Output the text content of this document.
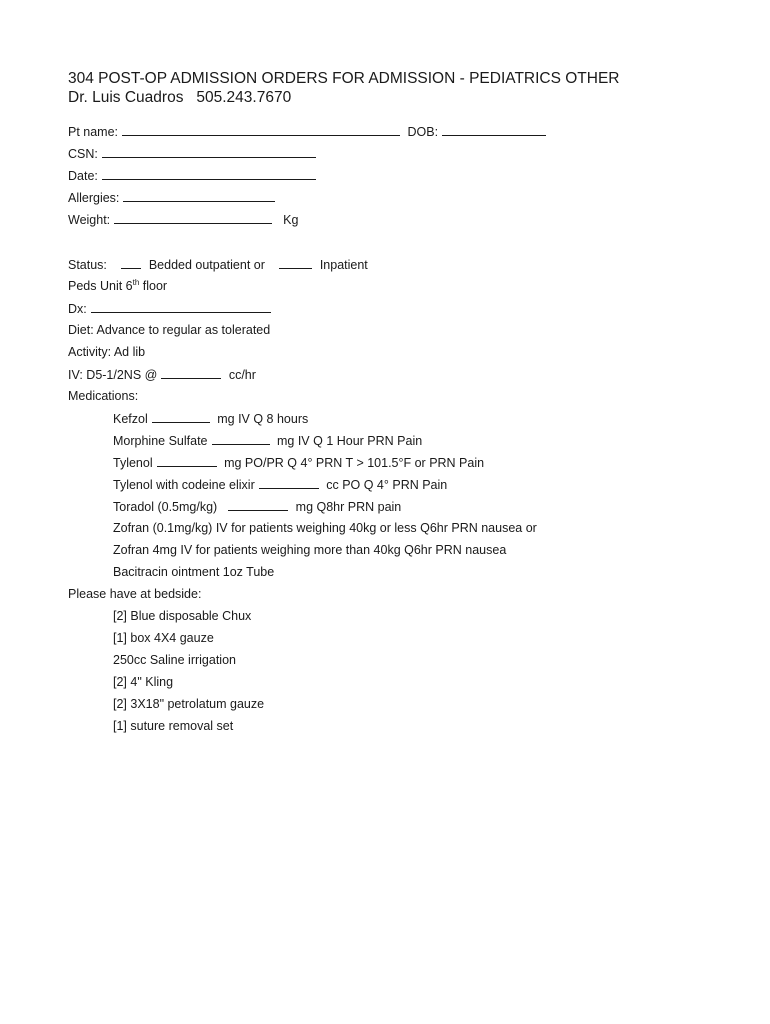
304 POST-OP ADMISSION ORDERS FOR ADMISSION - PEDIATRICS OTHER
Dr. Luis Cuadros 505.243.7670
Pt name:	DOB:
CSN:
Date:
Allergies:
Weight:	Kg
Status:	Bedded outpatient or	Inpatient
Peds Unit 6th floor
Dx:
Diet: Advance to regular as tolerated
Activity: Ad lib
IV: D5-1/2NS @	cc/hr
Medications:
Kefzol	mg IV Q 8 hours
Morphine Sulfate	mg IV Q 1 Hour PRN Pain
Tylenol	mg PO/PR Q 4° PRN T > 101.5°F or PRN Pain
Tylenol with codeine elixir	cc PO Q 4° PRN Pain
Toradol (0.5mg/kg)	mg Q8hr PRN pain
Zofran (0.1mg/kg) IV for patients weighing 40kg or less Q6hr PRN nausea or
Zofran 4mg IV for patients weighing more than 40kg Q6hr PRN nausea
Bacitracin ointment 1oz Tube
Please have at bedside:
[2] Blue disposable Chux
[1] box 4X4 gauze
250cc Saline irrigation
[2] 4" Kling
[2] 3X18" petrolatum gauze
[1] suture removal set
